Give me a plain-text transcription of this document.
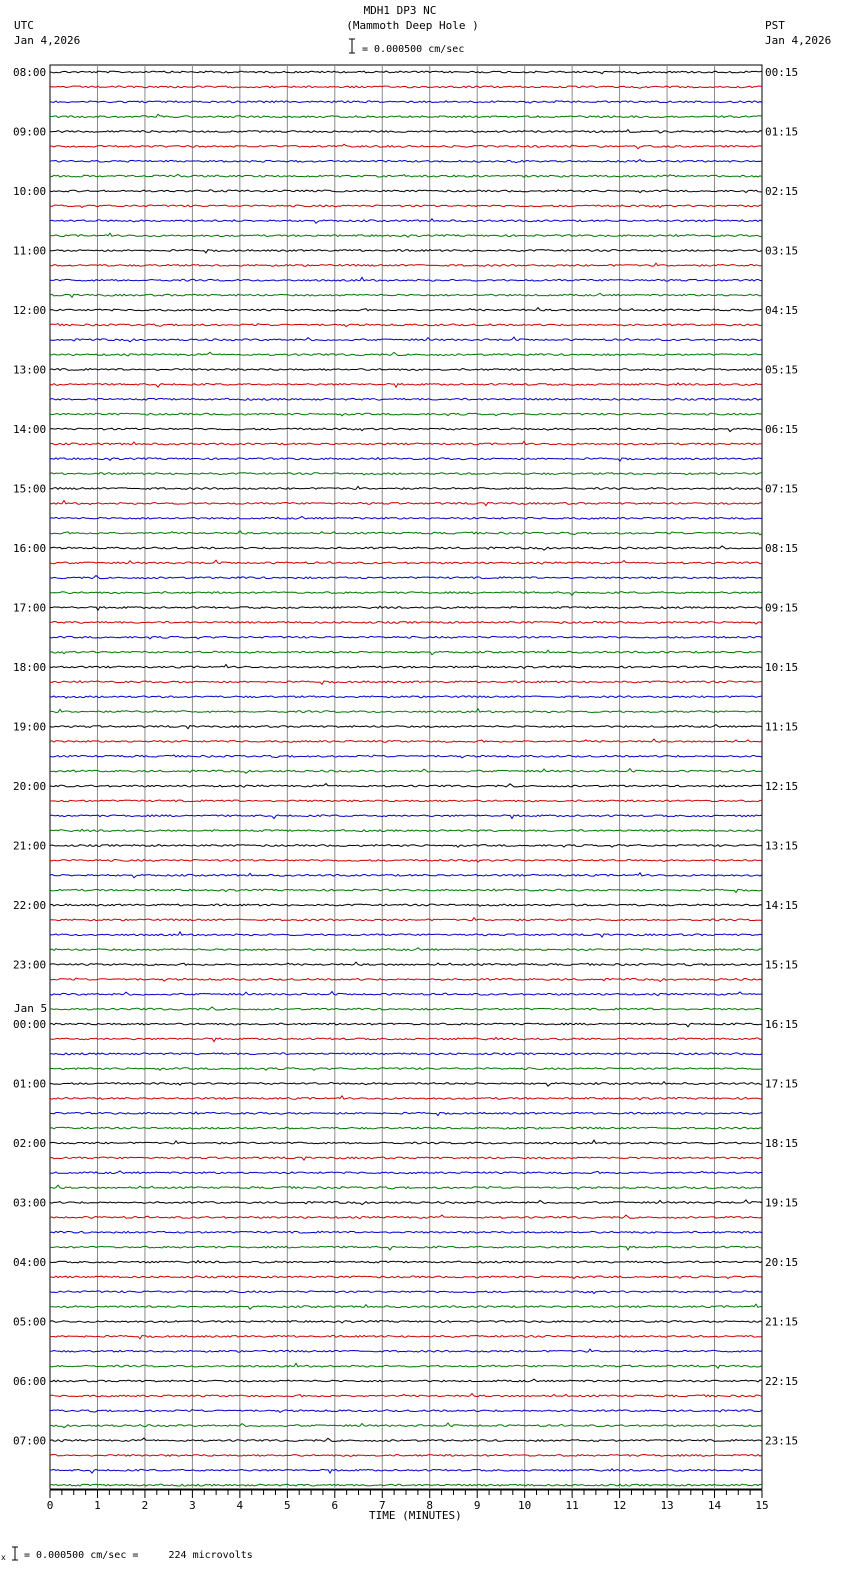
MDH1 DP3 NC
(Mammoth Deep Hole )
= 0.000500 cm/sec
UTC
Jan 4,2026
PST
Jan 4,2026
Jan 5
08:00
09:00
10:00
11:00
12:00
13:00
14:00
15:00
16:00
17:00
18:00
19:00
20:00
21:00
22:00
23:00
00:00
01:00
02:00
03:00
04:00
05:00
06:00
07:00
00:15
01:15
02:15
03:15
04:15
05:15
06:15
07:15
08:15
09:15
10:15
11:15
12:15
13:15
14:15
15:15
16:15
17:15
18:15
19:15
20:15
21:15
22:15
23:15
0	1	2	3	4	5	6	7	8	9	10	11	12	13	14	15
TIME (MINUTES)
x = 0.000500 cm/sec =     224 microvolts
